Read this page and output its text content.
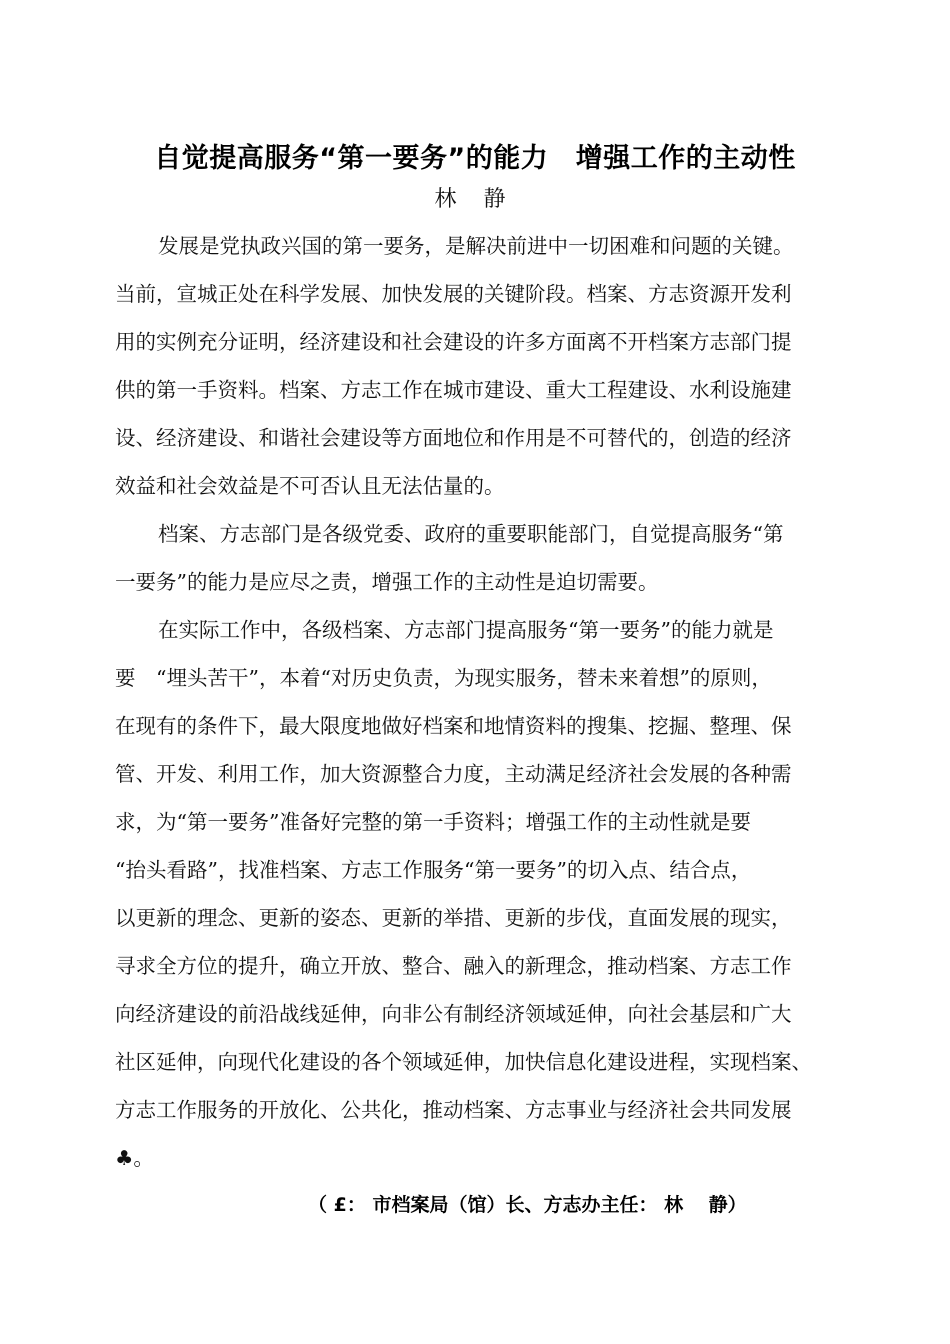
自觉提高服务“第一要务”的能力　增强工作的主动性
林 静
发展是党执政兴国的第一要务，是解决前进中一切困难和问题的关键。
当前，宣城正处在科学发展、加快发展的关键阶段。档案、方志资源开发利
用的实例充分证明，经济建设和社会建设的许多方面离不开档案方志部门提
供的第一手资料。档案、方志工作在城市建设、重大工程建设、水利设施建
设、经济建设、和谐社会建设等方面地位和作用是不可替代的，创造的经济
效益和社会效益是不可否认且无法估量的。
档案、方志部门是各级党委、政府的重要职能部门，自觉提高服务“第
一要务”的能力是应尽之责，增强工作的主动性是迫切需要。
在实际工作中，各级档案、方志部门提高服务“第一要务”的能力就是
要　“埋头苦干”，本着“对历史负责，为现实服务，替未来着想”的原则，
在现有的条件下，最大限度地做好档案和地情资料的搜集、挖掘、整理、保
管、开发、利用工作，加大资源整合力度，主动满足经济社会发展的各种需
求，为“第一要务”准备好完整的第一手资料；增强工作的主动性就是要
“抬头看路”，找准档案、方志工作服务“第一要务”的切入点、结合点，
以更新的理念、更新的姿态、更新的举措、更新的步伐，直面发展的现实，
寻求全方位的提升，确立开放、整合、融入的新理念，推动档案、方志工作
向经济建设的前沿战线延伸，向非公有制经济领域延伸，向社会基层和广大
社区延伸，向现代化建设的各个领域延伸，加快信息化建设进程，实现档案、
方志工作服务的开放化、公共化，推动档案、方志事业与经济社会共同发展
♣。
（ £： 市档案局（馆）长、方志办主任： 林　 静）
